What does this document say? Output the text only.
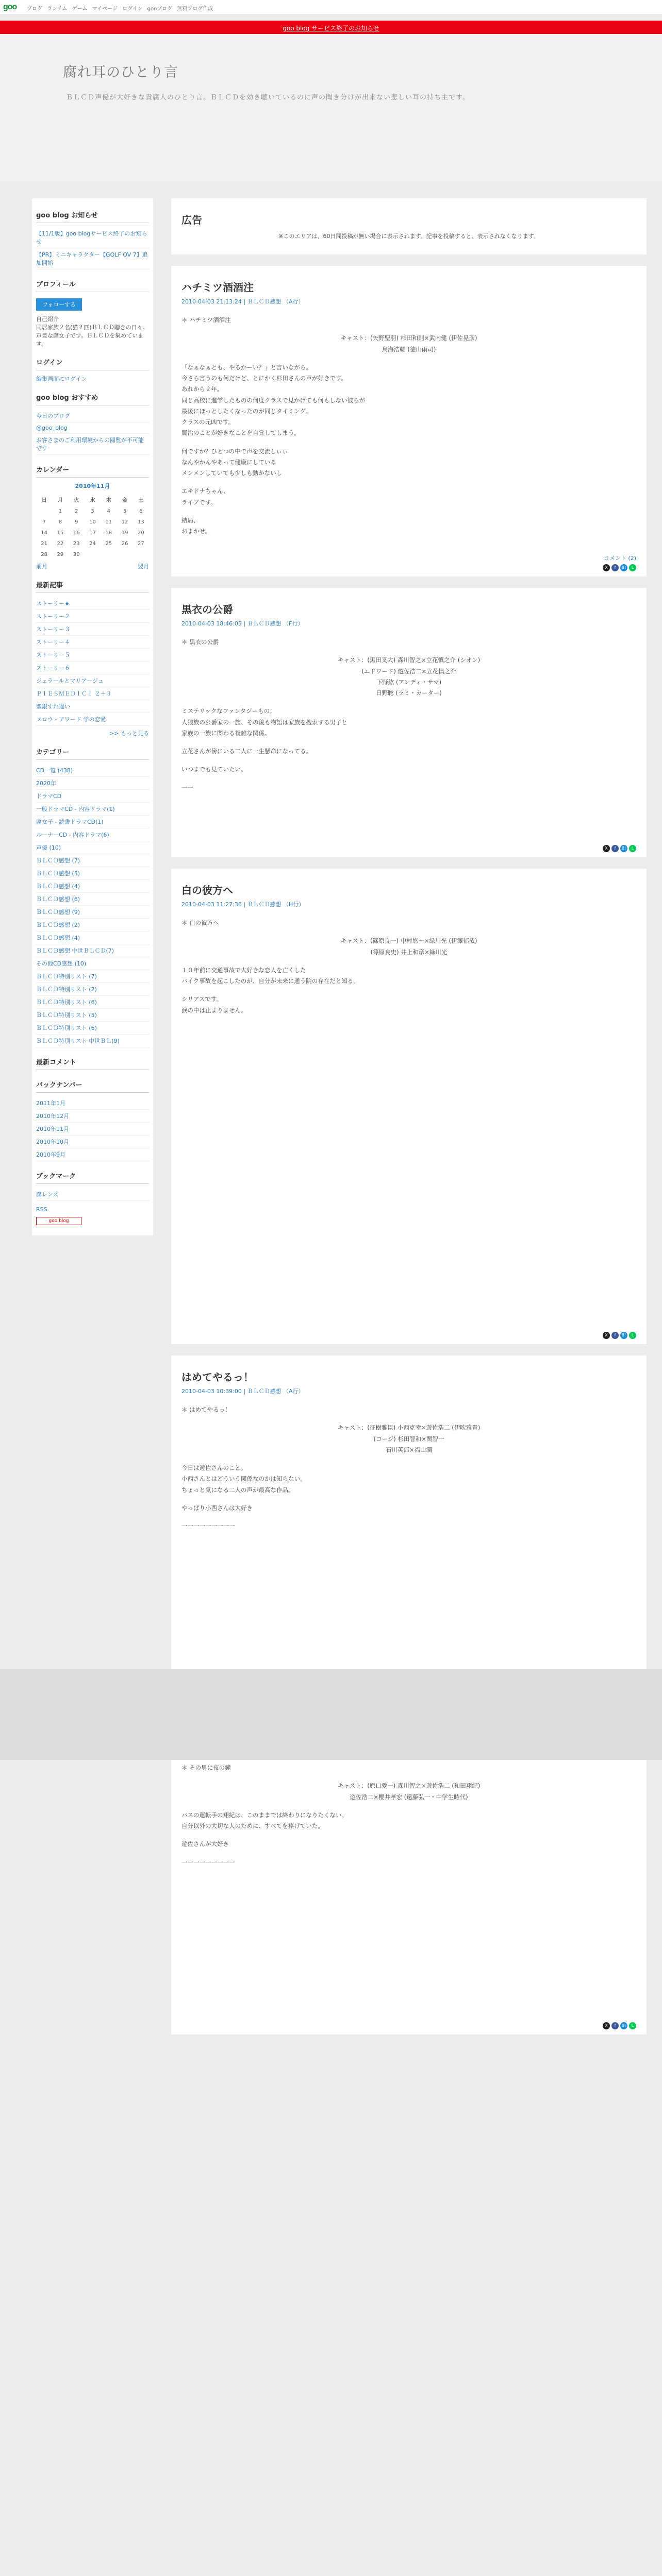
goo ブログ ランチム ゲーム マイページ ログイン gooブログ 無料ブログ作成
goo blog サービス終了のお知らせ
腐れ耳のひとり言
ＢＬＣＤ声優が大好きな貴腐人のひとり言。ＢＬＣＤを効き聴いているのに声の聞き分けが出来ない悲しい耳の持ち主です。
goo blog お知らせ
【11/1版】goo blogサービス終了のお知らせ
【PR】ミニキャラクター【GOLF OV 7】追加開始
プロフィール
フォローする
自己紹介
同居家族２名(猫２匹)ＢＬＣＤ聴きの日々。
声豊な腐女子です。ＢＬＣＤを集めています。
ログイン
編集画面にログイン
goo blog おすすめ
今日のブログ
@goo_blog
お客さまのご利用環境からの閲覧が不可能です
カレンダー
2010年11月
日	月	火	水	木	金	土
	1	2	3	4	5	6
7	8	9	10	11	12	13
14	15	16	17	18	19	20
21	22	23	24	25	26	27
28	29	30				
前月	翌月
最新記事
ストーリー★
ストーリー２
ストーリー３
ストーリー４
ストーリー５
ストーリー６
ジェラールとマリアージュ
ＰＩＥＳＭＥＤＩＣＩ ２＋３
聖銀すれ違い
メロウ・アワード 学の恋愛
>> もっと見る
カテゴリー
CD一覧 (438)
2020年
ドラマCD
一般ドラマCD - 内容ドラマ(1)
腐女子 - 読書ドラマCD(1)
ルーナーCD - 内容ドラマ(6)
声優 (10)
ＢＬＣＤ感想 (7)
ＢＬＣＤ感想 (5)
ＢＬＣＤ感想 (4)
ＢＬＣＤ感想 (6)
ＢＬＣＤ感想 (9)
ＢＬＣＤ感想 (2)
ＢＬＣＤ感想 (4)
ＢＬＣＤ感想 中世ＢＬＣＤ(7)
その他CD感想 (10)
ＢＬＣＤ特別リスト (7)
ＢＬＣＤ特別リスト (2)
ＢＬＣＤ特別リスト (6)
ＢＬＣＤ特別リスト (5)
ＢＬＣＤ特別リスト (6)
ＢＬＣＤ特別リスト 中世ＢＬ(9)
最新コメント
バックナンバー
2011年1月
2010年12月
2010年11月
2010年10月
2010年9月
ブックマーク
腐レンズ
RSS
goo blog
広告
※このエリアは、60日間投稿が無い場合に表示されます。記事を投稿すると、表示されなくなります。
ハチミツ酒酒注
2010-04-03 21:13:24 | ＢＬＣＤ感想 （A行）

＊ ハチミツ酒酒注

キャスト：(矢野聖羽) 杉田和則×武内健 (伊佐晃彦)
鳥海浩輔 (徳山雨司)

「なぁなぁとも、やるかーい？」と言いながら。
今さら言うのも何だけど、とにかく杉田さんの声が好きです。
あれから２年。
同じ高校に進学したものの何度クラスで見かけても何もしない彼らが
最後にほっとしたくなったのが同じタイミング。
クラスの元凶です。
賢治のことが好きなことを自覚してしまう。

何ですか？ひとつの中で声を交流しぃぃ
なんやかんやあって健康にしている
メンメンしていても少しも動かないし

エキドナちゃん、
ライブです。

結局、
おまかせ。

コメント (2)
X f B! L
黒衣の公爵
2010-04-03 18:46:05 | ＢＬＣＤ感想 （F行）

＊ 黒衣の公爵

キャスト：(黒田叉大) 森川智之×立花慎之介 (シオン)
(エドワード) 遊佐浩二×立花慎之介
下野紘 (アンディ・サマ)
日野聡 (ラミ・カーター)

ミステリックなファンタジーもの。
人狼族の公爵家の一族、その後も物語は家族を捜索する男子と
家族の一族に関わる複雑な関係。

立花さんが傍にいる二人に一生懸命になってる。

いつまでも見ていたい。

一一

X f B! L
白の彼方へ
2010-04-03 11:27:36 | ＢＬＣＤ感想 （H行）

＊ 白の彼方へ

キャスト：(篠原良一) 中村悠一×緑川光 (伊澤郁哉)
(篠原良史) 井上和彦×緑川光

１０年前に交通事故で大好きな恋人を亡くした
バイク事故を起こしたのが、自分が未来に通う院の存在だと知る。

シリアスです。
涙の中は止まりません。

X f B! L
はめてやるっ！
2010-04-03 10:39:00 | ＢＬＣＤ感想 （A行）

＊ はめてやるっ！

キャスト：(征樹雅臣) 小西克幸×遊佐浩二 (伊吹雅貴)
(コージ) 杉田智和×関智一
石川英郎×福山潤

今日は遊佐さんのこと。
小西さんとはどういう関係なのかは知らない。
ちょっと気になる二人の声が最高な作品。

やっぱり小西さんは大好き

一一一一一一一一一

＊ その男に夜の鐘

キャスト：(原口愛一) 森川智之×遊佐浩二 (和田翔紀)
遊佐浩二×櫻井孝宏 (遠藤弘一・中学生時代)

バスの運転手の翔紀は、このままでは終わりになりたくない。
自分以外の大切な人のために、すべてを捧げていた。

遊佐さんが大好き

一一一一一一一一一

X f B! L
